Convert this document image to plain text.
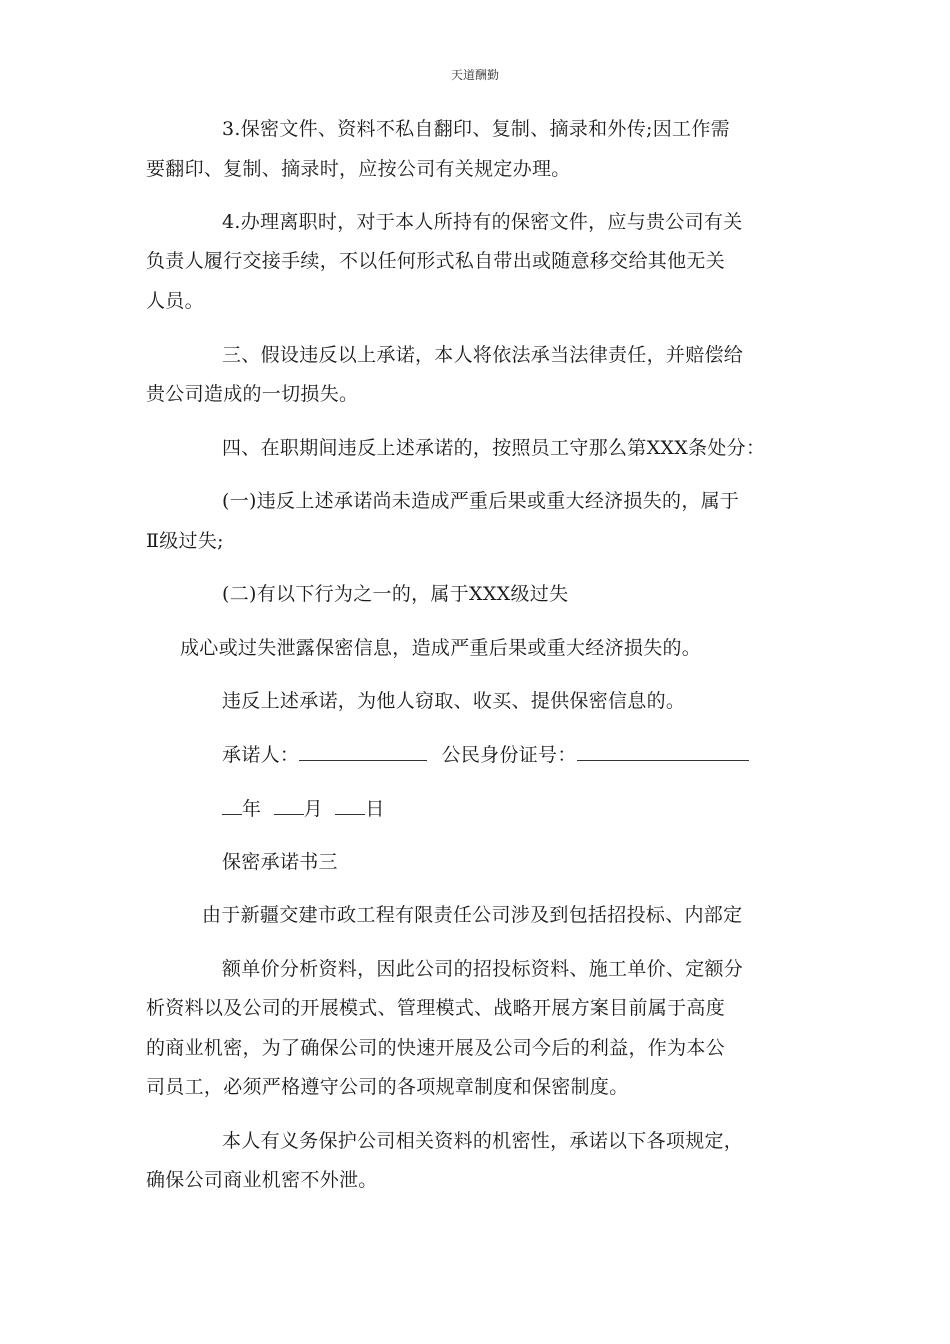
天道酬勤
3.保密文件、资料不私自翻印、复制、摘录和外传;因工作需
要翻印、复制、摘录时，应按公司有关规定办理。
4.办理离职时，对于本人所持有的保密文件，应与贵公司有关
负责人履行交接手续，不以任何形式私自带出或随意移交给其他无关
人员。
三、假设违反以上承诺，本人将依法承当法律责任，并赔偿给
贵公司造成的一切损失。
四、在职期间违反上述承诺的，按照员工守那么第XXX条处分：
(一)违反上述承诺尚未造成严重后果或重大经济损失的，属于
Ⅱ级过失;
(二)有以下行为之一的，属于XXX级过失
成心或过失泄露保密信息，造成严重后果或重大经济损失的。
违反上述承诺，为他人窃取、收买、提供保密信息的。
承诺人：	公民身份证号：
年 月 日
保密承诺书三
由于新疆交建市政工程有限责任公司涉及到包括招投标、内部定
额单价分析资料，因此公司的招投标资料、施工单价、定额分
析资料以及公司的开展模式、管理模式、战略开展方案目前属于高度
的商业机密，为了确保公司的快速开展及公司今后的利益，作为本公
司员工，必须严格遵守公司的各项规章制度和保密制度。
本人有义务保护公司相关资料的机密性，承诺以下各项规定，
确保公司商业机密不外泄。
